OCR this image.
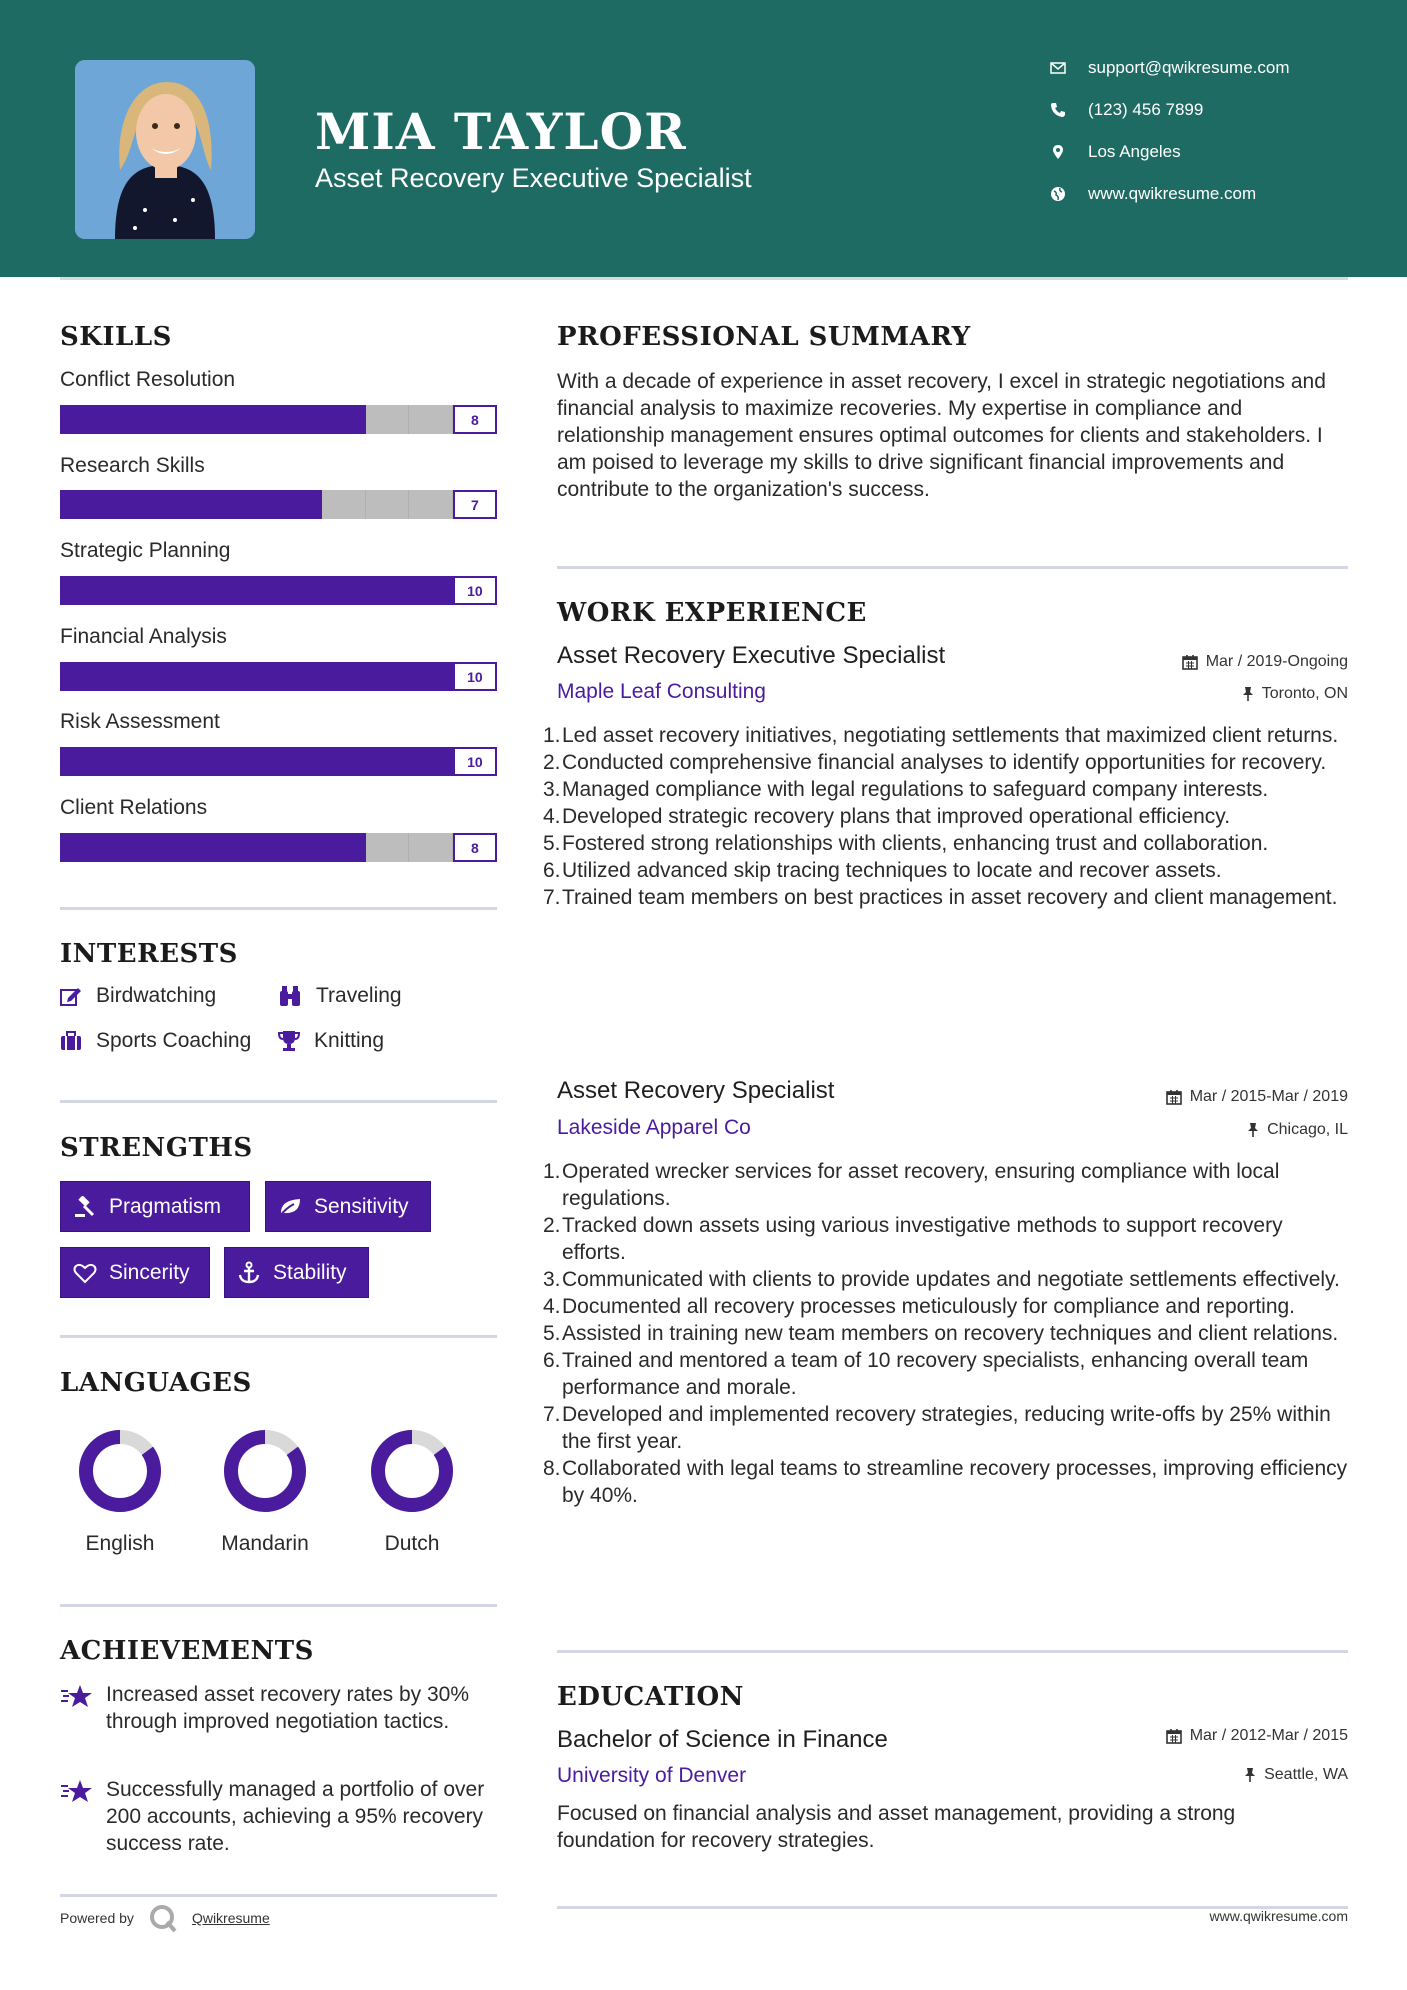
MIA TAYLOR
Asset Recovery Executive Specialist
support@qwikresume.com
(123) 456 7899
Los Angeles
www.qwikresume.com
SKILLS
Conflict Resolution
8
Research Skills
7
Strategic Planning
10
Financial Analysis
10
Risk Assessment
10
Client Relations
8
INTERESTS
Birdwatching	Traveling
Sports Coaching	Knitting
STRENGTHS
Pragmatism	Sensitivity
Sincerity	Stability
LANGUAGES
English	Mandarin	Dutch
ACHIEVEMENTS
Increased asset recovery rates by 30% through improved negotiation tactics.
Successfully managed a portfolio of over 200 accounts, achieving a 95% recovery success rate.
Powered by	Qwikresume
PROFESSIONAL SUMMARY
With a decade of experience in asset recovery, I excel in strategic negotiations and financial analysis to maximize recoveries. My expertise in compliance and relationship management ensures optimal outcomes for clients and stakeholders. I am poised to leverage my skills to drive significant financial improvements and contribute to the organization's success.
WORK EXPERIENCE
Asset Recovery Executive Specialist	Mar / 2019-Ongoing
Maple Leaf Consulting	Toronto, ON
1. Led asset recovery initiatives, negotiating settlements that maximized client returns.
2. Conducted comprehensive financial analyses to identify opportunities for recovery.
3. Managed compliance with legal regulations to safeguard company interests.
4. Developed strategic recovery plans that improved operational efficiency.
5. Fostered strong relationships with clients, enhancing trust and collaboration.
6. Utilized advanced skip tracing techniques to locate and recover assets.
7. Trained team members on best practices in asset recovery and client management.
Asset Recovery Specialist	Mar / 2015-Mar / 2019
Lakeside Apparel Co	Chicago, IL
1. Operated wrecker services for asset recovery, ensuring compliance with local regulations.
2. Tracked down assets using various investigative methods to support recovery efforts.
3. Communicated with clients to provide updates and negotiate settlements effectively.
4. Documented all recovery processes meticulously for compliance and reporting.
5. Assisted in training new team members on recovery techniques and client relations.
6. Trained and mentored a team of 10 recovery specialists, enhancing overall team performance and morale.
7. Developed and implemented recovery strategies, reducing write-offs by 25% within the first year.
8. Collaborated with legal teams to streamline recovery processes, improving efficiency by 40%.
EDUCATION
Bachelor of Science in Finance	Mar / 2012-Mar / 2015
University of Denver	Seattle, WA
Focused on financial analysis and asset management, providing a strong foundation for recovery strategies.
www.qwikresume.com
